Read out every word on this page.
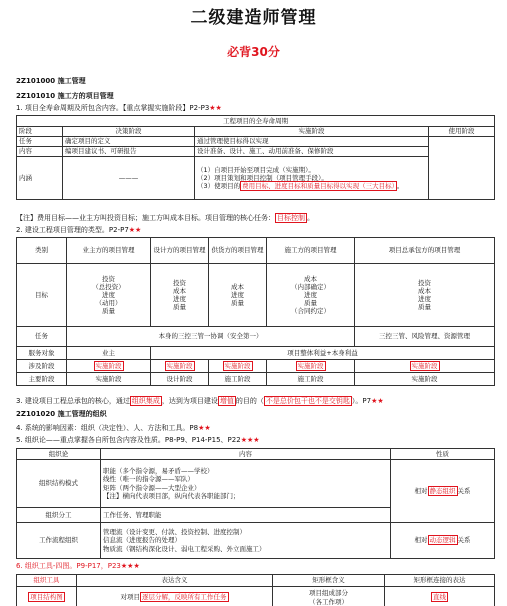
二级建造师管理
必背30分
2Z101000 施工管理
2Z101010 施工方的项目管理
1. 项目全寿命周期及所包含内容。【重点掌握实施阶段】P2-P3★★
工程项目的全寿命周期			
阶段	决策阶段	实施阶段	使用阶段
任务	确定项目的定义	通过管理使目标得以实现	
内容	编项目建议书、可研报告	设计准备、设计、施工、动用前准备、保修阶段	
内涵	———	（1）自项目开始至项目完成（实施期）。
（2）项目策划和项目控制（项目管理手段）。
（3）使项目的 费用目标、进度目标和质量目标得以实现（三大目标） 。	
【注】费用目标——业主方叫投资目标；施工方叫成本目标。项目管理的核心任务： 目标控制 。
2. 建设工程项目管理的类型。P2-P7★★
类别	业主方的项目管理	设计方的项目管理	供货方的项目管理	施工方的项目管理	项目总承包方的项目管理
目标	投资
（总投资）
进度
（动用）
质量	投资
成本
进度
质量	成本
进度
质量	成本
（内部确定）
进度
质量
（合同约定）	投资
成本
进度
质量

任务	本身的三控三管一协调（安全第一）				三控三管、风险管理、资源管理
服务对象	业主	项目整体利益+本身利益			
涉及阶段	实施阶段	实施阶段	实施阶段	实施阶段	实施阶段
主要阶段	实施阶段	设计阶段	施工阶段	施工阶段	实施阶段
3. 建设项目工程总承包的核心，通过 组织集成 ，达到为项目建设 增值 的目的（ 不是总价包干也不是交钥匙 ）。P7★★
2Z101020 施工管理的组织
4. 系统的影响因素：组织（决定性）、人、方法和工具。P8★★
5. 组织论——重点掌握各自所包含内容及性质。P8-P9、P14-P15、P22★★★
组织论	内容	性质
组织结构模式	职能（多个指令源，易矛盾——学校）
线性（唯一的指令源——军队）
矩阵（两个指令源——大型企业）
【注】横向代表项目部，纵向代表各职能部门；	相对 静态组织 关系
组织分工	工作任务、管理职能	
工作流程组织	管理流（设计变更、付款、投资控制、进度控制）
信息流（进度报告的处理）
物质流（钢结构深化设计、弱电工程采购、外立面施工）	相对 动态逻辑 关系
6. 组织工具-四图。P9-P17，P23★★★
组织工具	表达含义	矩形框含义	矩形框连接的表达
项目结构图	对项目 逐层分解，反映所有工作任务	项目组成部分
（各工作项）	直线
